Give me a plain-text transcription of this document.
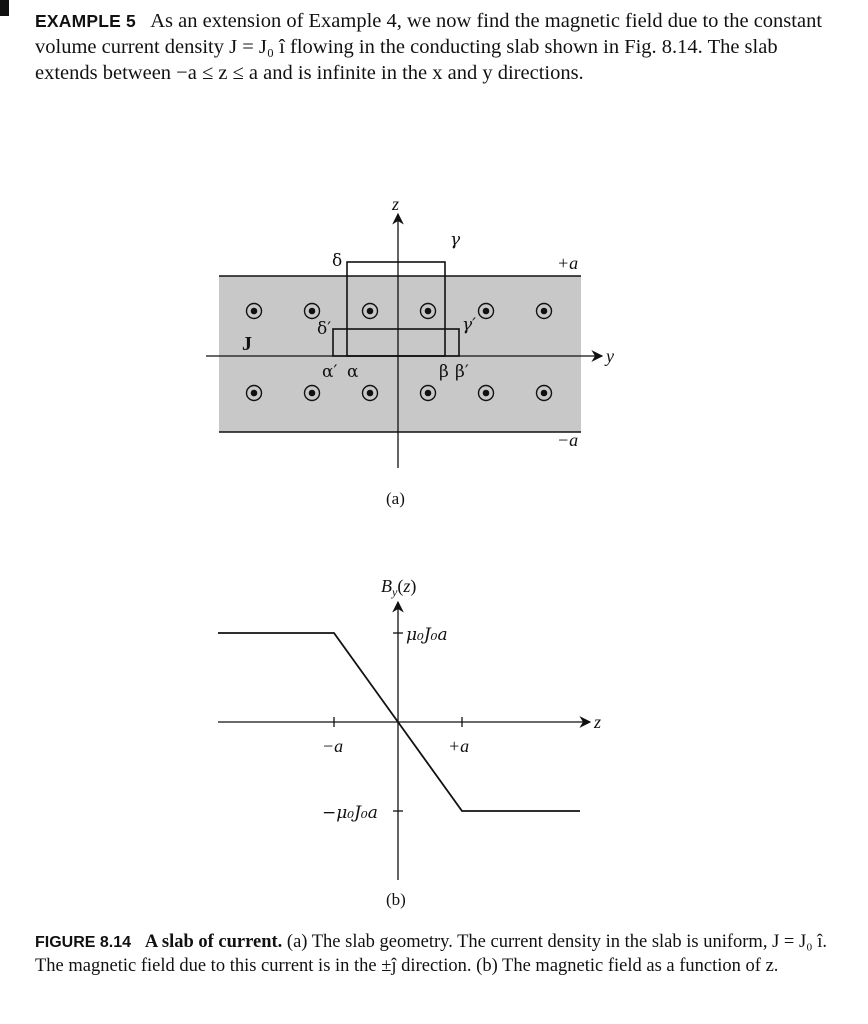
EXAMPLE 5 As an extension of Example 4, we now find the magnetic field due to the constant volume current density J = J₀ î flowing in the conducting slab shown in Fig. 8.14. The slab extends between −a ≤ z ≤ a and is infinite in the x and y directions.

z
y
+a
−a
J
δ
γ
δ′	γ′
α′ α	β β′
(a)
$B_y(z)$
B_y(z)
z
μ₀J₀a
−μ₀J₀a
−a	+a
(b)

FIGURE 8.14 A slab of current. (a) The slab geometry. The current density in the slab is uniform, J = J₀ î. The magnetic field due to this current is in the ±ĵ direction. (b) The magnetic field as a function of z.
